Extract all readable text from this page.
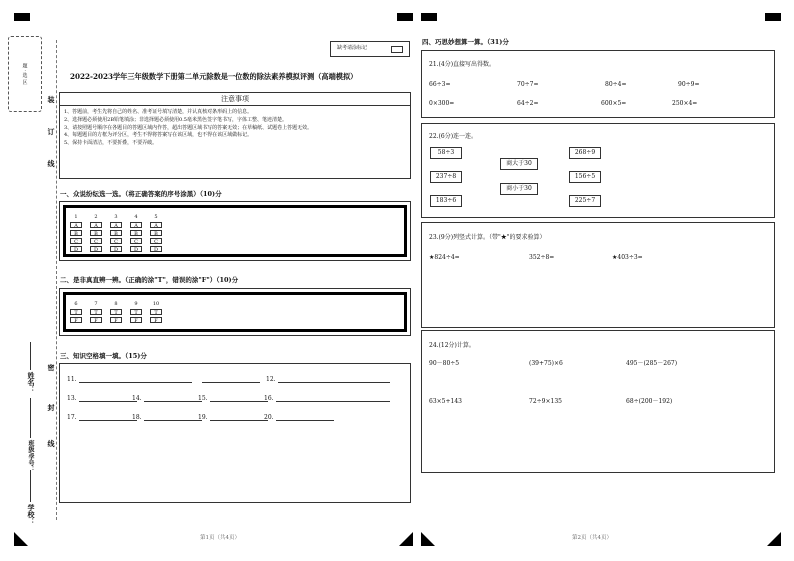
题 · 选 区
装
订
线
密
封
线
姓名：
班级/学号：
学校：
缺考请涂标记
2022-2023学年三年级数学下册第二单元除数是一位数的除法素养模拟评测（高端模拟）
注意事项
1、答题前，考生先将自己的姓名、准考证号填写清楚，并认真核对条形码上的信息。
2、选择题必须使用2B铅笔填涂；非选择题必须使用0.5毫米黑色签字笔书写，字体工整、笔迹清楚。
3、请按照题号顺序在各题目的答题区域内作答，超出答题区域书写的答案无效；在草稿纸、试题卷上答题无效。
4、每题题目的方框为评分区，考生不得将答案写在该区域，也不得在该区域做标记。
5、保持卡面清洁，不要折叠，不要弄破。
一、众说纷纭选一选。（将正确答案的序号涂黑）（10)分
1	2	3	4	5
A	A	A	A	A
B	B	B	B	B
C	C	C	C	C
D	D	D	D	D
二、是非真直辨一辨。（正确的涂"T"，错误的涂"F"）（10)分
6	7	8	9	10
T	T	T	T	T
F	F	F	F	F
三、知识空格填一填。（15)分
11.	12.
13.	14.	15.	16.
17.	18.	19.	20.
第1页（共4页）
四、巧思妙想算一算。（31)分
21.(4分)直接写出得数。
66÷3=	70÷7=	80÷4=	90÷9=
0×300=	64÷2=	600×5=	250×4=
22.(6分)连一连。
58÷3
237÷8
183÷6
商大于30
商小于30
268÷9
156÷5
225÷7
23.(9分)列竖式计算。（带"★"的要求验算）
★824÷4=	352÷8=	★403÷3=
24.(12分)计算。
90－80÷5	(39+75)×6	495－(285－267)
63×5+143	72÷9×135	68÷(200－192)
第2页（共4页）
